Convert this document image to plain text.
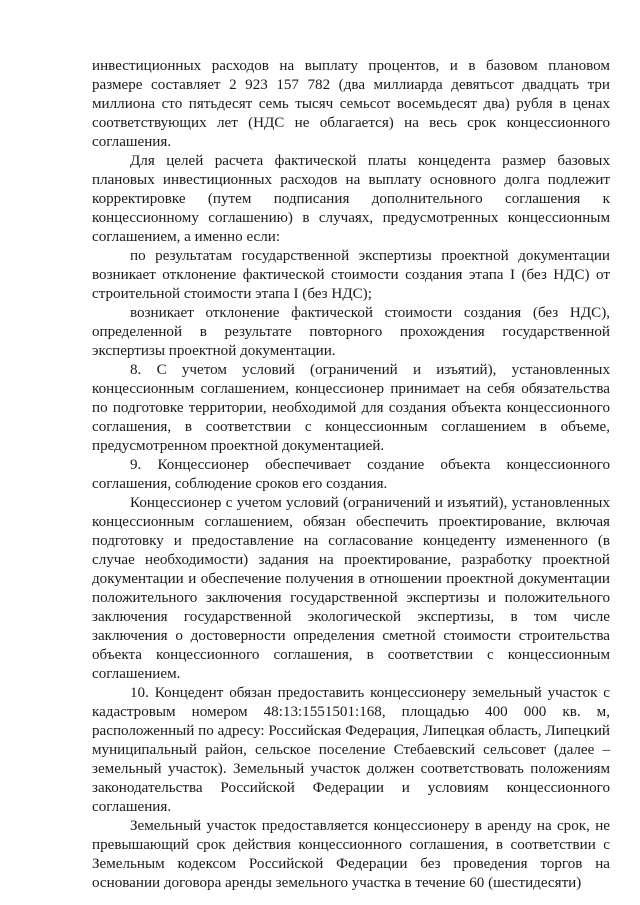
инвестиционных расходов на выплату процентов, и в базовом плановом размере составляет 2 923 157 782 (два миллиарда девятьсот двадцать три миллиона сто пятьдесят семь тысяч семьсот восемьдесят два) рубля в ценах соответствующих лет (НДС не облагается) на весь срок концессионного соглашения.

Для целей расчета фактической платы концедента размер базовых плановых инвестиционных расходов на выплату основного долга подлежит корректировке (путем подписания дополнительного соглашения к концессионному соглашению) в случаях, предусмотренных концессионным соглашением, а именно если:

по результатам государственной экспертизы проектной документации возникает отклонение фактической стоимости создания этапа I (без НДС) от строительной стоимости этапа I (без НДС);

возникает отклонение фактической стоимости создания (без НДС), определенной в результате повторного прохождения государственной экспертизы проектной документации.

8. С учетом условий (ограничений и изъятий), установленных концессионным соглашением, концессионер принимает на себя обязательства по подготовке территории, необходимой для создания объекта концессионного соглашения, в соответствии с концессионным соглашением в объеме, предусмотренном проектной документацией.

9. Концессионер обеспечивает создание объекта концессионного соглашения, соблюдение сроков его создания.

Концессионер с учетом условий (ограничений и изъятий), установленных концессионным соглашением, обязан обеспечить проектирование, включая подготовку и предоставление на согласование концеденту измененного (в случае необходимости) задания на проектирование, разработку проектной документации и обеспечение получения в отношении проектной документации положительного заключения государственной экспертизы и положительного заключения государственной экологической экспертизы, в том числе заключения о достоверности определения сметной стоимости строительства объекта концессионного соглашения, в соответствии с концессионным соглашением.

10. Концедент обязан предоставить концессионеру земельный участок с кадастровым номером 48:13:1551501:168, площадью 400 000 кв. м, расположенный по адресу: Российская Федерация, Липецкая область, Липецкий муниципальный район, сельское поселение Стебаевский сельсовет (далее – земельный участок). Земельный участок должен соответствовать положениям законодательства Российской Федерации и условиям концессионного соглашения.

Земельный участок предоставляется концессионеру в аренду на срок, не превышающий срок действия концессионного соглашения, в соответствии с Земельным кодексом Российской Федерации без проведения торгов на основании договора аренды земельного участка в течение 60 (шестидесяти)
